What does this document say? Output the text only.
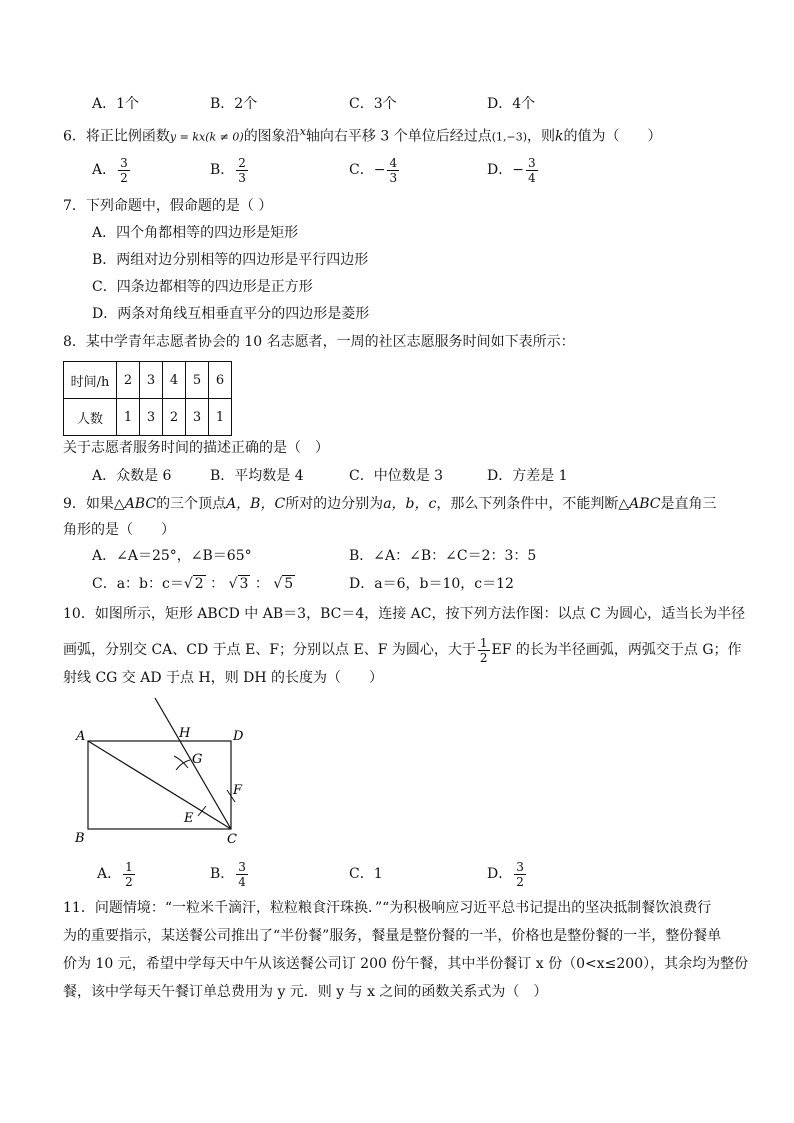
A．1个	B．2个	C．3个	D．4个
6．将正比例函数y = kx(k ≠ 0)的图象沿$^x$轴向右平移 3 个单位后经过点(1,−3)，则k的值为（　　）
A． $\frac{3}{2}$	B． $\frac{2}{3}$	C．− $\frac{4}{3}$	D．− $\frac{3}{4}$
7．下列命题中，假命题的是（ ）
A．四个角都相等的四边形是矩形
B．两组对边分别相等的四边形是平行四边形
C．四条边都相等的四边形是正方形
D．两条对角线互相垂直平分的四边形是菱形
8．某中学青年志愿者协会的 10 名志愿者，一周的社区志愿服务时间如下表所示：
时间/h	2	3	4	5	6
人数	1	3	2	3	1
关于志愿者服务时间的描述正确的是（　）
A．众数是 6	B．平均数是 4	C．中位数是 3	D．方差是 1
9．如果△ABC的三个顶点A，B，C所对的边分别为a，b，c，那么下列条件中，不能判断△ABC是直角三
角形的是（　　）
A．∠A＝25°，∠B＝65°	B．∠A：∠B：∠C＝2：3：5
C．a：b：c＝√ 2 ： √ 3 ： √ 5	D．a＝6，b＝10，c＝12
10．如图所示，矩形 ABCD 中 AB＝3，BC＝4，连接 AC，按下列方法作图：以点 C 为圆心，适当长为半径
画弧，分别交 CA、CD 于点 E、F；分别以点 E、F 为圆心，大于 $\frac{1}{2}$ EF 的长为半径画弧，两弧交于点 G；作
射线 CG 交 AD 于点 H，则 DH 的长度为（　　）
A
B	C
D
E
F
G
H
A． $\frac{1}{2}$	B． $\frac{3}{4}$	C．1	D． $\frac{3}{2}$
11．问题情境：“一粒米千滴汗，粒粒粮食汗珠换．”“为积极响应习近平总书记提出的坚决抵制餐饮浪费行
为的重要指示，某送餐公司推出了“半份餐”服务，餐量是整份餐的一半，价格也是整份餐的一半，整份餐单
价为 10 元，希望中学每天中午从该送餐公司订 200 份午餐，其中半份餐订 x 份（0<x≤200），其余均为整份
餐，该中学每天午餐订单总费用为 y 元．则 y 与 x 之间的函数关系式为（　）
